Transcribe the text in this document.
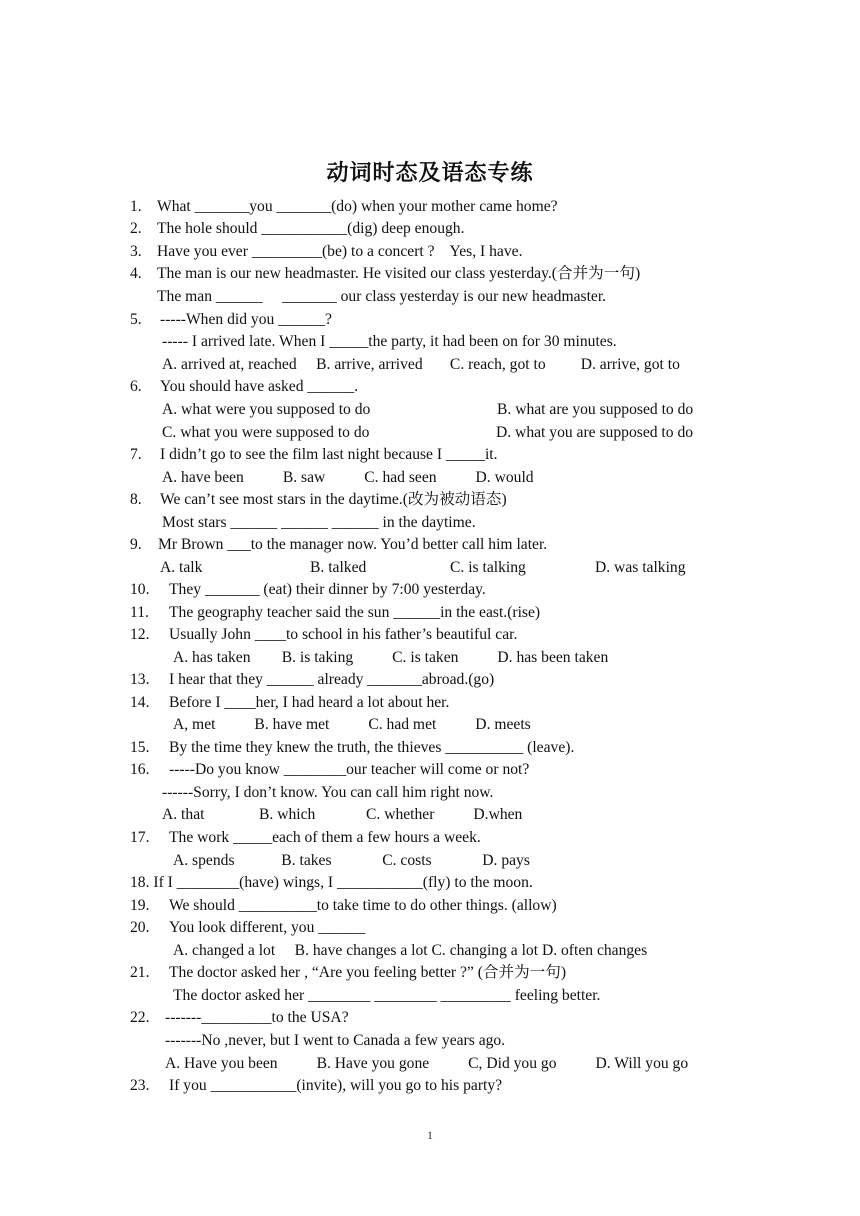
动词时态及语态专练
1. What _______you _______(do) when your mother came home?
2. The hole should ___________(dig) deep enough.
3. Have you ever _________(be) to a concert ?    Yes, I have.
4. The man is our new headmaster. He visited our class yesterday.(合并为一句)
The man ______     _______ our class yesterday is our new headmaster.
5. -----When did you ______?
----- I arrived late. When I _____the party, it had been on for 30 minutes.
A. arrived at, reached     B. arrive, arrived       C. reach, got to         D. arrive, got to
6. You should have asked ______.
A. what were you supposed to do	B. what are you supposed to do
C. what you were supposed to do	D. what you are supposed to do
7. I didn’t go to see the film last night because I _____it.
A. have been          B. saw          C. had seen          D. would
8. We can’t see most stars in the daytime.(改为被动语态)
Most stars ______ ______ ______ in the daytime.
9. Mr Brown ___to the manager now. You’d better call him later.
A. talk	B. talked	C. is talking	D. was talking
10. They _______ (eat) their dinner by 7:00 yesterday.
11. The geography teacher said the sun ______in the east.(rise)
12. Usually John ____to school in his father’s beautiful car.
A. has taken        B. is taking          C. is taken          D. has been taken
13. I hear that they ______ already _______abroad.(go)
14. Before I ____her, I had heard a lot about her.
A, met          B. have met          C. had met          D. meets
15. By the time they knew the truth, the thieves __________ (leave).
16. -----Do you know ________our teacher will come or not?
------Sorry, I don’t know. You can call him right now.
A. that              B. which             C. whether          D.when
17. The work _____each of them a few hours a week.
A. spends            B. takes             C. costs             D. pays
18. If I ________(have) wings, I ___________(fly) to the moon.
19. We should __________to take time to do other things. (allow)
20. You look different, you ______
A. changed a lot     B. have changes a lot C. changing a lot D. often changes
21. The doctor asked her , “Are you feeling better ?” (合并为一句)
The doctor asked her ________ ________ _________ feeling better.
22. -------_________to the USA?
-------No ,never, but I went to Canada a few years ago.
A. Have you been          B. Have you gone          C, Did you go          D. Will you go
23. If you ___________(invite), will you go to his party?
1
